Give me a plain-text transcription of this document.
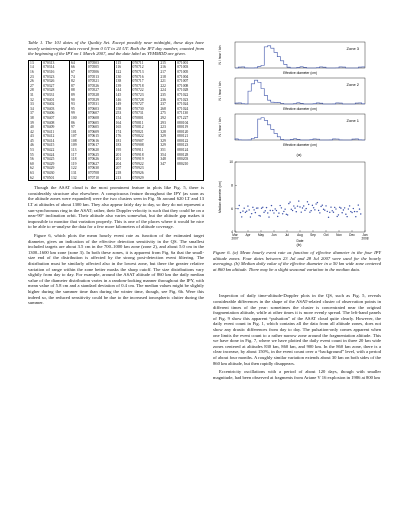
Table 1. The 101 dates of the Quality Set. Except possibly near midnight, these days have nearly uninterrupted data record from 0 UT to 24 UT. Both the IFT day number, counted from the beginning of the IPY on 1 March 2007, and the date label as YYMMDD are given.

13	070313	64	070503	115	070711	215	071001
14	070314	66	070505	116	070712	216	071003
16	070316	67	070506	122	070713	217	071005
23	070323	74	070513	130	070716	218	071004
26	070326	82	070521	138	070717	221	071007
27	070327	87	070526	139	070718	222	071008
28	070328	88	070527	144	070722	224	071028
31	070331	89	070528	145	070723	235	071022
32	070401	90	070529	146	070728	236	071023
33	070402	93	070531	149	070727	237	071024
34	070403	95	070603	158	070730	268	071024
37	070406	99	070607	253	070731	275	071130
38	070407	100	070608	154	070801	292	071227
39	070408	86	070605	164	070811	293	080104
40	070409	97	070605	165	070812	223	080119
42	070411	101	070609	174	070821	328	080120
43	070412	107	070615	176	070822	329	080121
45	070414	108	070616	181	070907	329	080122
46	070415	109	070617	183	070908	329	080123
53	070422	113	070620	195	070911	351	080124
55	070424	117	070625	201	070918	354	080128
56	070425	118	070626	201	070919	348	080203
60	070429	119	070627	204	070922	347	080210
62	070429	122	070630	207	070923		
63	070430	131	070708	218	070926		
62	070501	132	070710	213	070929		

Though the ASAT cloud is the most prominent feature in plots like Fig. 5, there is considerably structure also elsewhere. A conspicuous feature throughout the IPY (as soon as the altitude zones were expanded) were the two clusters seen in Fig. 5b around 620 LT and 13 LT at altitudes of about 1300 km. They also appear fairly day to day, so they do not represent a sun-synchronous ring in the ASAT; rather, their Doppler velocity is such that they could be on a near-90° inclination orbit. Their altitude also varies somewhat, but the altitude gap makes it impossible to monitor that variation properly. This is one of the places where it would be nice to be able to re-analyse the data for a few more kilometers of altitude coverage.

Figure 6, which plots the mean hourly event rate as function of the estimated target diameter, gives an indication of the effective detection sensitivity in the QS. The smallest included targets are about 3.5 cm in the 700–1000 km zone (zone 2), and about 5.0 cm in the 1300–1600 km zone (zone 3). In both these zones, it is apparent from Fig. 6a that the small-size end of the distribution is affected by the strong post-detection event filtering. The distribution must be similarly affected also in the lowest zone, but there the greater relative variation of range within the zone better masks the sharp cutoff. The size distributions vary slightly from day to day. For example, around the ASAT altitude of 860 km the daily median value of the diameter distribution varies in a random-looking manner throughout the IPY, with mean value of 5.8 cm and a standard deviation of 0.4 cm. The median values might be slightly higher during the summer time than during the winter time, though, see Fig. 6b. Were this indeed so, the reduced sensitivity could be due to the increased ionospheric clutter during the summer.

Zone 3
N / hour / bin
Effective diameter (cm)
Zone 2
N / hour / bin
Effective diameter (cm)
Zone 1
N / hour / bin
Effective diameter (cm)
(a)
4
6
8
10
Mar
2007
Apr May Jun	Jul	Aug Sep Oct Nov Dec Jan
2008
Median diameter (cm)
Date
(b)

Figure 6. (a) Mean hourly event rate as function of effective diameter in the four IPY altitude zones. Four dates between 23 Jul and 28 Jul 2007 were used for the hourly averaging. (b) Median daily value of the effective diameter in a 50 km wide zone centered at 860 km altitude. There may be a slight seasonal variation in the median data.

Inspection of daily time-altitude-Doppler plots in the QS, such as Fig. 5, reveals considerable differences in the shape of the ASAT-related cluster of observation points in different times of the year: sometimes the cluster is concentrated near the original fragmentation altitude, while at other times it is more evenly spread. The left-hand panels of Fig. 9 show this apparent “pulsation” of the ASAT cloud quite clearly. However, the daily event count in Fig. 1, which contains all the data from all altitude zones, does not show any drastic differences from day to day. The pulsation-only comes apparent when one limits the event count to a rather narrow zone around the fragmentation altitude. This we have done in Fig. 7, where we have plotted the daily event count in three 20 km wide zones centered at altitudes 830 km, 860 km, and 900 km. In the 860 km zone, there is a clear increase, by about 150%, in the event count over a “background” level, with a period of about four months. A roughly similar variation extends about 30 km on both sides of the 860 km altitude, but then rapidly disappears.

Eccentricity oscillations with a period of about 120 days, though with smaller magnitude, had been observed at fragments from Ariane V 16 explosion in 1986 at 800 km
